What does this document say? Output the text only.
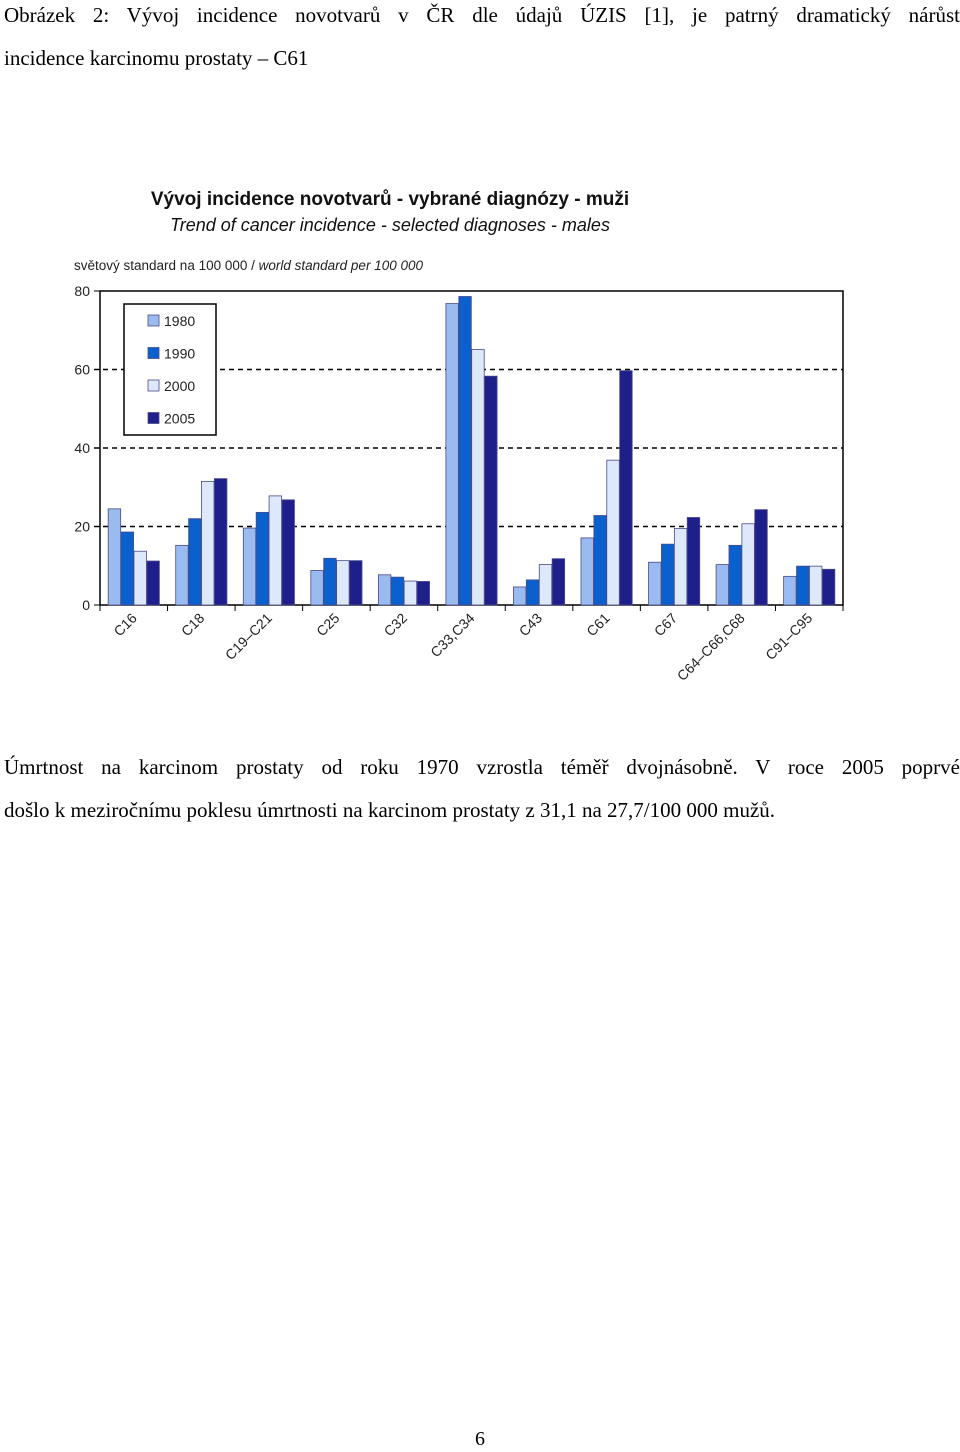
Obrázek 2: Vývoj incidence novotvarů v ČR dle údajů ÚZIS [1], je patrný dramatický nárůst
incidence karcinomu prostaty – C61
Vývoj incidence novotvarů - vybrané diagnózy - muži
Trend of cancer incidence - selected diagnoses - males
světový standard na 100 000 / world standard per 100 000
0
20
40
60
80
C16	C18 C19–C21	C25	C32 C33,C34	C43	C61	C67
C64–C66,C68 C91–C95
1980
1990
2000
2005
Úmrtnost na karcinom prostaty od roku 1970 vzrostla téměř dvojnásobně. V roce 2005 poprvé
došlo k meziročnímu poklesu úmrtnosti na karcinom prostaty z 31,1 na 27,7/100 000 mužů.
6
